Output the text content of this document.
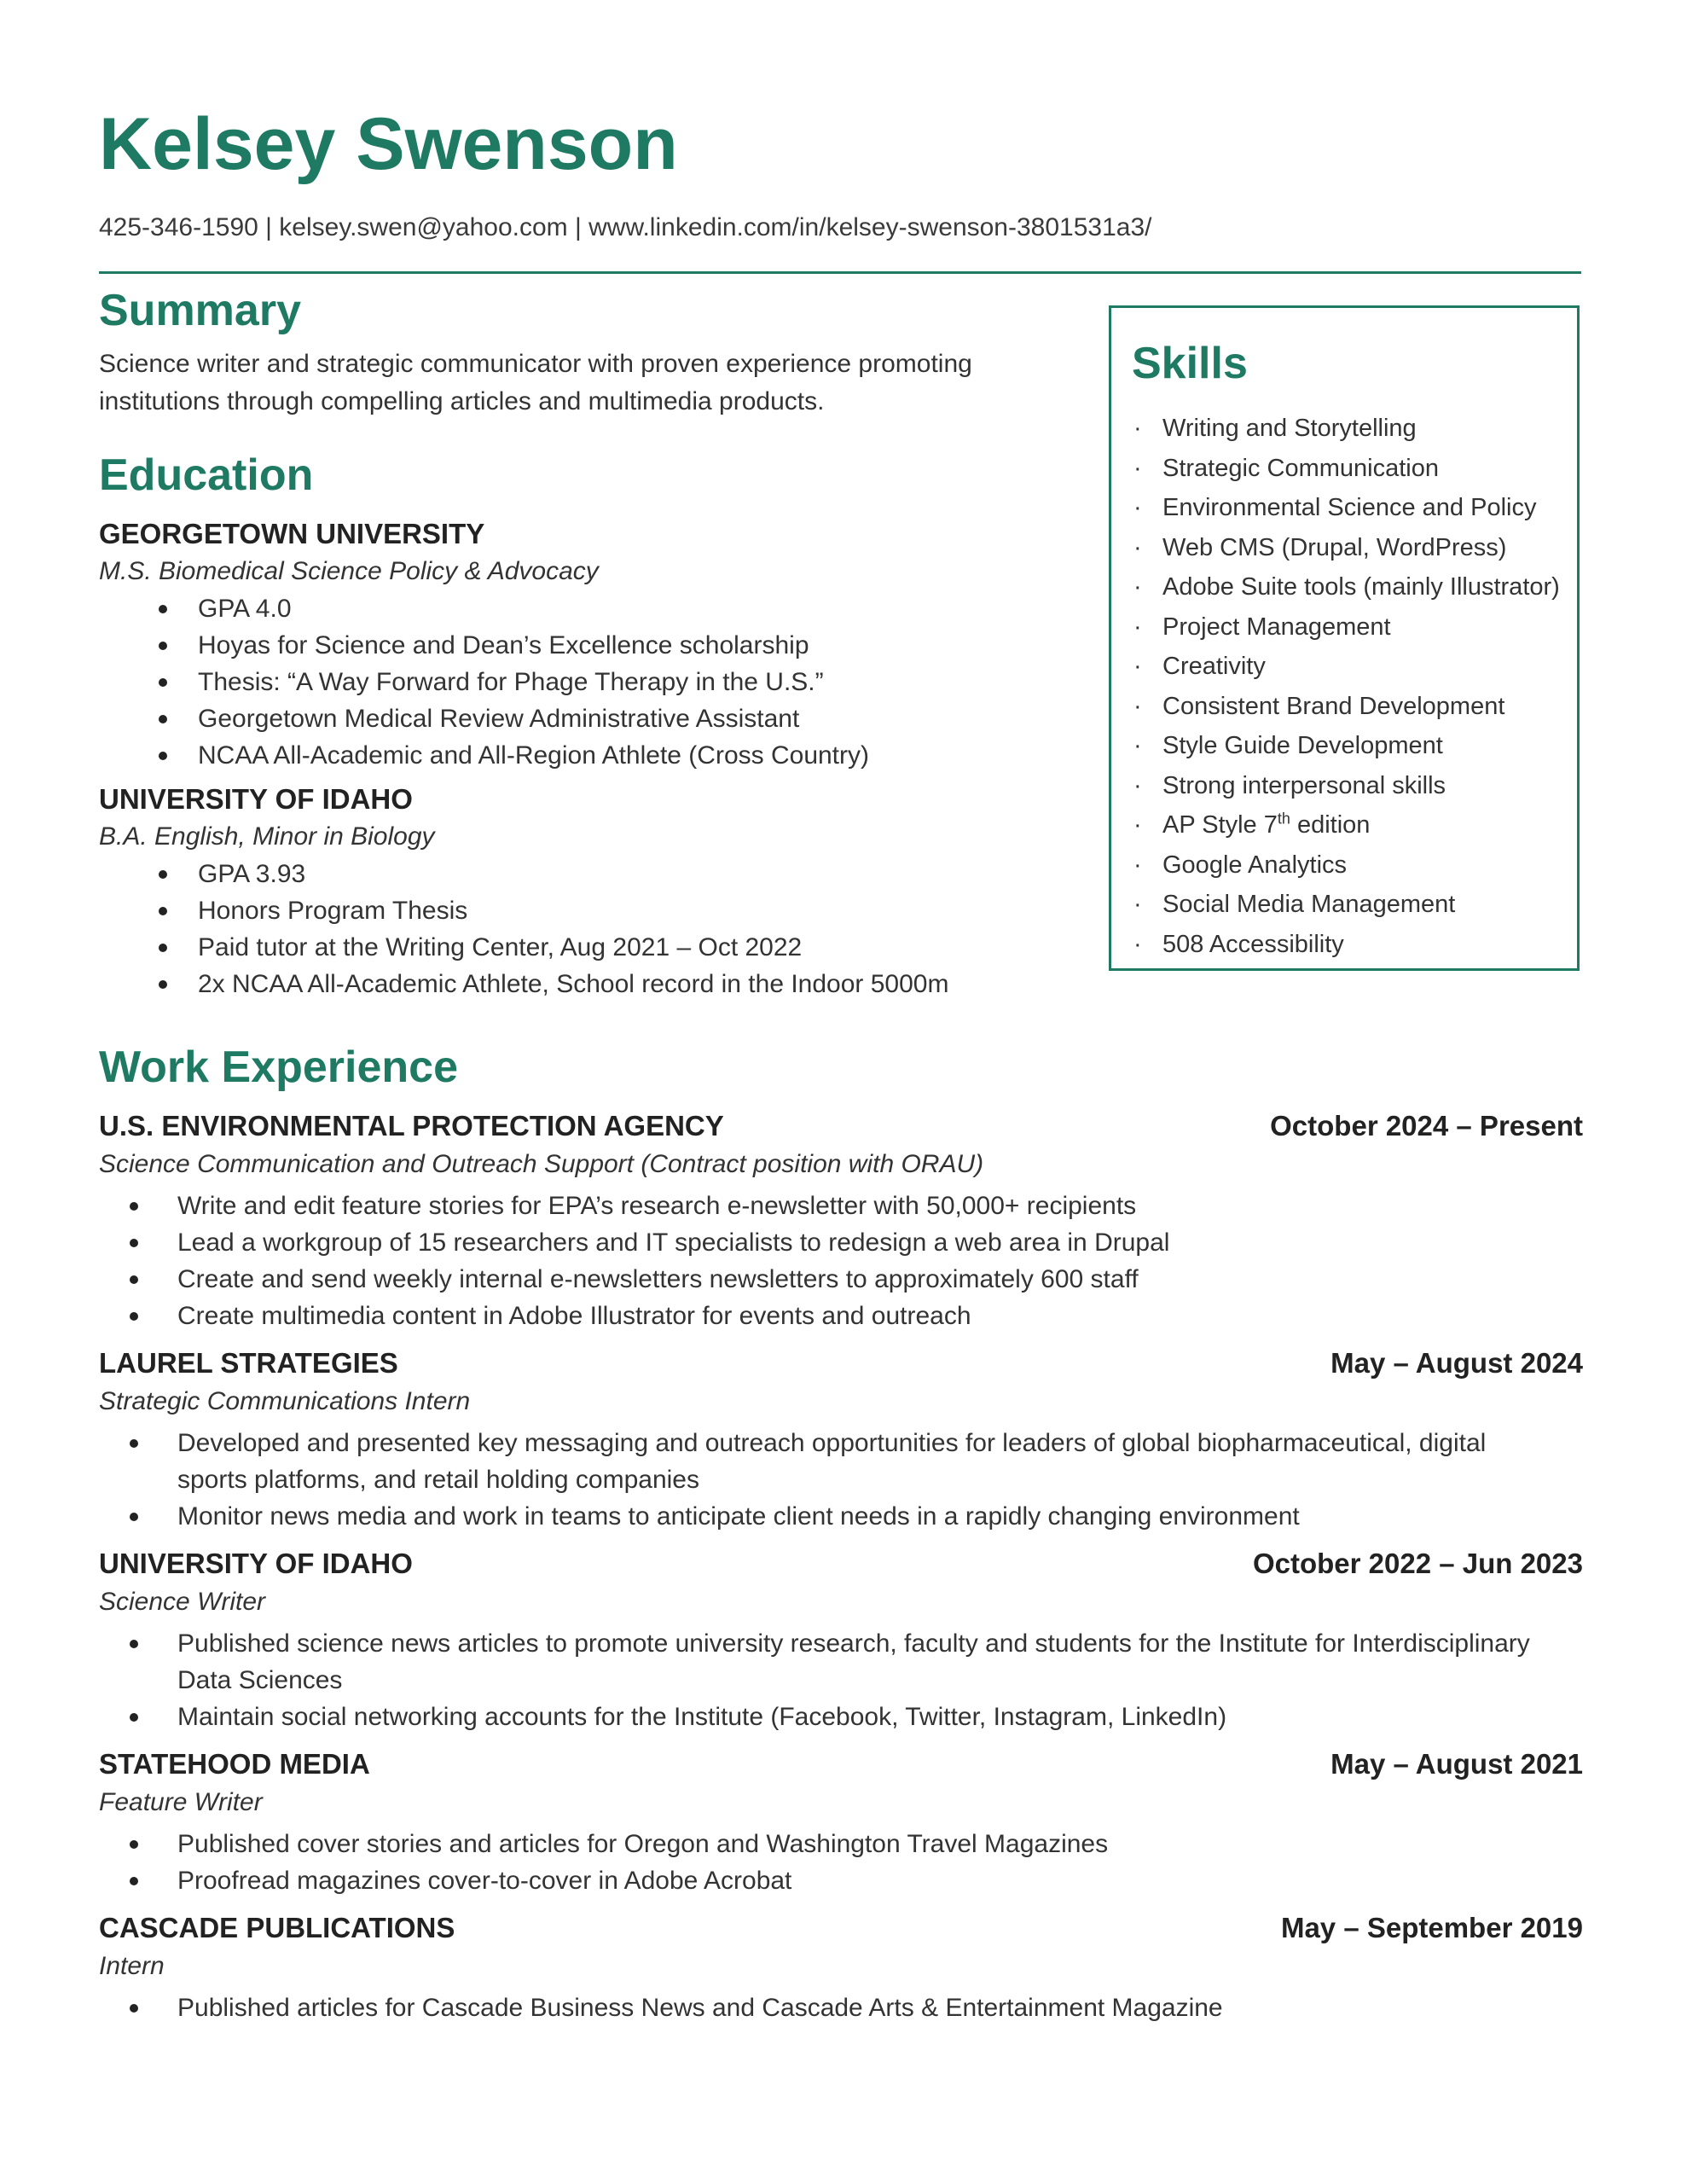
Kelsey Swenson
425-346-1590 | kelsey.swen@yahoo.com | www.linkedin.com/in/kelsey-swenson-3801531a3/
Summary

Science writer and strategic communicator with proven experience promoting institutions through compelling articles and multimedia products.

Education

GEORGETOWN UNIVERSITY

M.S. Biomedical Science Policy & Advocacy

GPA 4.0
Hoyas for Science and Dean’s Excellence scholarship
Thesis: “A Way Forward for Phage Therapy in the U.S.”
Georgetown Medical Review Administrative Assistant
NCAA All-Academic and All-Region Athlete (Cross Country)

UNIVERSITY OF IDAHO

B.A. English, Minor in Biology

GPA 3.93
Honors Program Thesis
Paid tutor at the Writing Center, Aug 2021 – Oct 2022
2x NCAA All-Academic Athlete, School record in the Indoor 5000m
Skills
· Writing and Storytelling
· Strategic Communication
· Environmental Science and Policy
· Web CMS (Drupal, WordPress)
· Adobe Suite tools (mainly Illustrator)
· Project Management
· Creativity
· Consistent Brand Development
· Style Guide Development
· Strong interpersonal skills
· AP Style 7th edition
· Google Analytics
· Social Media Management
· 508 Accessibility
Work Experience
U.S. ENVIRONMENTAL PROTECTION AGENCY	October 2024 – Present

Science Communication and Outreach Support (Contract position with ORAU)

Write and edit feature stories for EPA’s research e-newsletter with 50,000+ recipients
Lead a workgroup of 15 researchers and IT specialists to redesign a web area in Drupal
Create and send weekly internal e-newsletters newsletters to approximately 600 staff
Create multimedia content in Adobe Illustrator for events and outreach
LAUREL STRATEGIES	May – August 2024

Strategic Communications Intern

Developed and presented key messaging and outreach opportunities for leaders of global biopharmaceutical, digital sports platforms, and retail holding companies
Monitor news media and work in teams to anticipate client needs in a rapidly changing environment
UNIVERSITY OF IDAHO	October 2022 – Jun 2023

Science Writer

Published science news articles to promote university research, faculty and students for the Institute for Interdisciplinary Data Sciences
Maintain social networking accounts for the Institute (Facebook, Twitter, Instagram, LinkedIn)
STATEHOOD MEDIA	May – August 2021

Feature Writer

Published cover stories and articles for Oregon and Washington Travel Magazines
Proofread magazines cover-to-cover in Adobe Acrobat
CASCADE PUBLICATIONS	May – September 2019

Intern

Published articles for Cascade Business News and Cascade Arts & Entertainment Magazine
